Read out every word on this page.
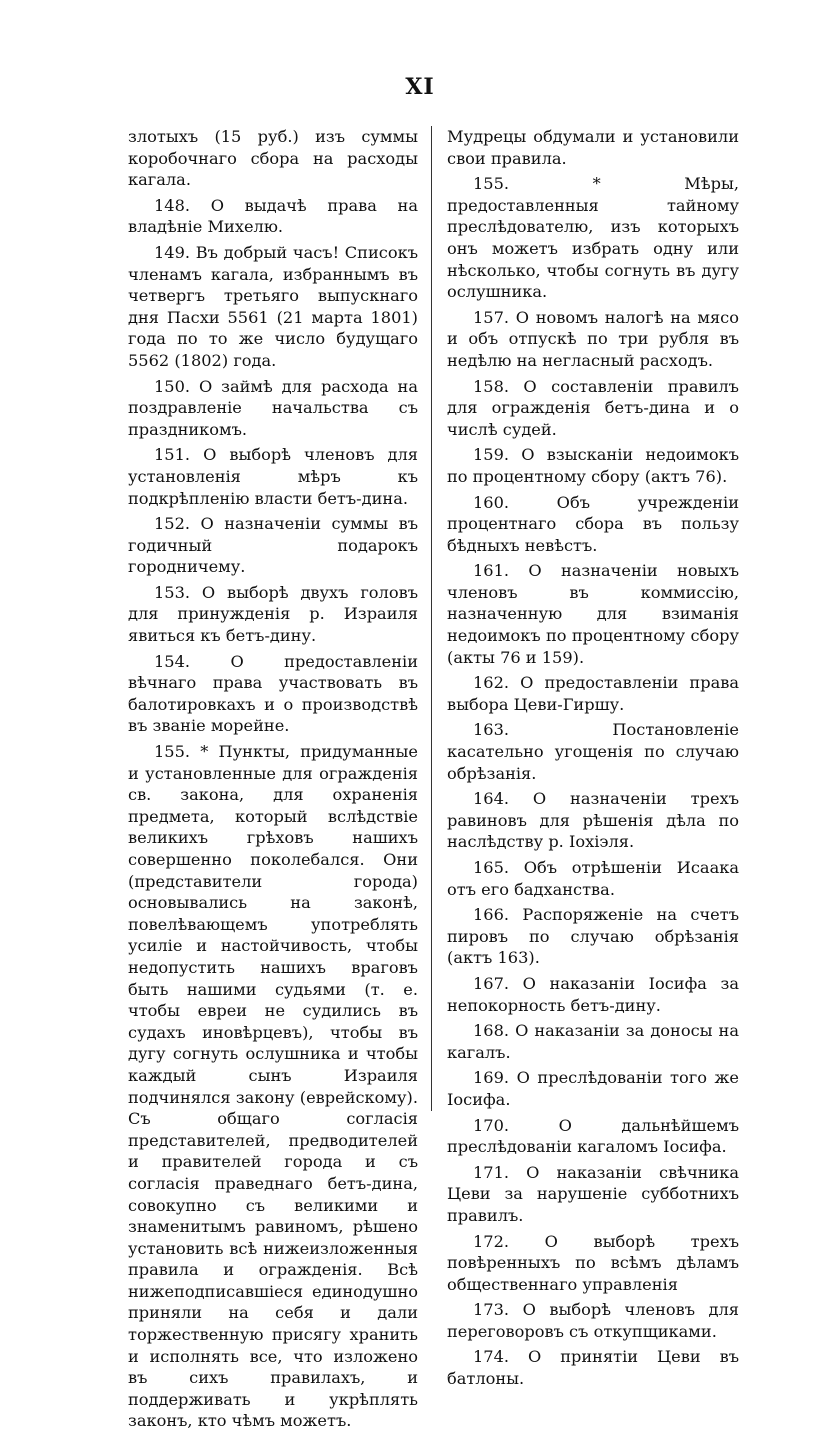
XI

злотыхъ (15 руб.) изъ суммы коробочнаго сбора на расходы кагала.

148. О выдачѣ права на владѣніе Михелю.

149. Въ добрый часъ! Списокъ членамъ кагала, избраннымъ въ четвергъ третьяго выпускнаго дня Пасхи 5561 (21 марта 1801) года по то же число будущаго 5562 (1802) года.

150. О займѣ для расхода на поздравленіе начальства съ праздникомъ.

151. О выборѣ членовъ для установленія мѣръ къ подкрѣпленію власти бетъ-дина.

152. О назначеніи суммы въ годичный подарокъ городничему.

153. О выборѣ двухъ головъ для принужденія р. Израиля явиться къ бетъ-дину.

154. О предоставленіи вѣчнаго права участвовать въ балотировкахъ и о производствѣ въ званіе морейне.

155. * Пункты, придуманные и установленные для огражденія св. закона, для охраненія предмета, который вслѣдствіе великихъ грѣховъ нашихъ совершенно поколебался. Они (представители города) основывались на законѣ, повелѣвающемъ употреблять усиліе и настойчивость, чтобы недопустить нашихъ враговъ быть нашими судьями (т. е. чтобы евреи не судились въ судахъ иновѣрцевъ), чтобы въ дугу согнуть ослушника и чтобы каждый сынъ Израиля подчинялся закону (еврейскому). Съ общаго согласія представителей, предводителей и правителей города и съ согласія праведнаго бетъ-дина, совокупно съ великими и знаменитымъ равиномъ, рѣшено установить всѣ нижеизложенныя правила и огражденія. Всѣ нижеподписавшіеся единодушно приняли на себя и дали торжественную присягу хранить и исполнять все, что изложено въ сихъ правилахъ, и поддерживать и укрѣплять законъ, кто чѣмъ можетъ.

Мудрецы обдумали и установили свои правила.

155. * Мѣры, предоставленныя тайному преслѣдователю, изъ которыхъ онъ можетъ избрать одну или нѣсколько, чтобы согнуть въ дугу ослушника.

157. О новомъ налогѣ на мясо и объ отпускѣ по три рубля въ недѣлю на негласный расходъ.

158. О составленіи правилъ для огражденія бетъ-дина и о числѣ судей.

159. О взысканіи недоимокъ по процентному сбору (актъ 76).

160. Объ учрежденіи процентнаго сбора въ пользу бѣдныхъ невѣстъ.

161. О назначеніи новыхъ членовъ въ коммиссію, назначенную для взиманія недоимокъ по процентному сбору (акты 76 и 159).

162. О предоставленіи права выбора Цеви-Гиршу.

163. Постановленіе касательно угощенія по случаю обрѣзанія.

164. О назначеніи трехъ равиновъ для рѣшенія дѣла по наслѣдству р. Іохіэля.

165. Объ отрѣшеніи Исаака отъ его бадханства.

166. Распоряженіе на счетъ пировъ по случаю обрѣзанія (актъ 163).

167. О наказаніи Іосифа за непокорность бетъ-дину.

168. О наказаніи за доносы на кагалъ.

169. О преслѣдованіи того же Іосифа.

170. О дальнѣйшемъ преслѣдованіи кагаломъ Іосифа.

171. О наказаніи свѣчника Цеви за нарушеніе субботнихъ правилъ.

172. О выборѣ трехъ повѣренныхъ по всѣмъ дѣламъ общественнаго управленія

173. О выборѣ членовъ для переговоровъ съ откупщиками.

174. О принятіи Цеви въ батлоны.
